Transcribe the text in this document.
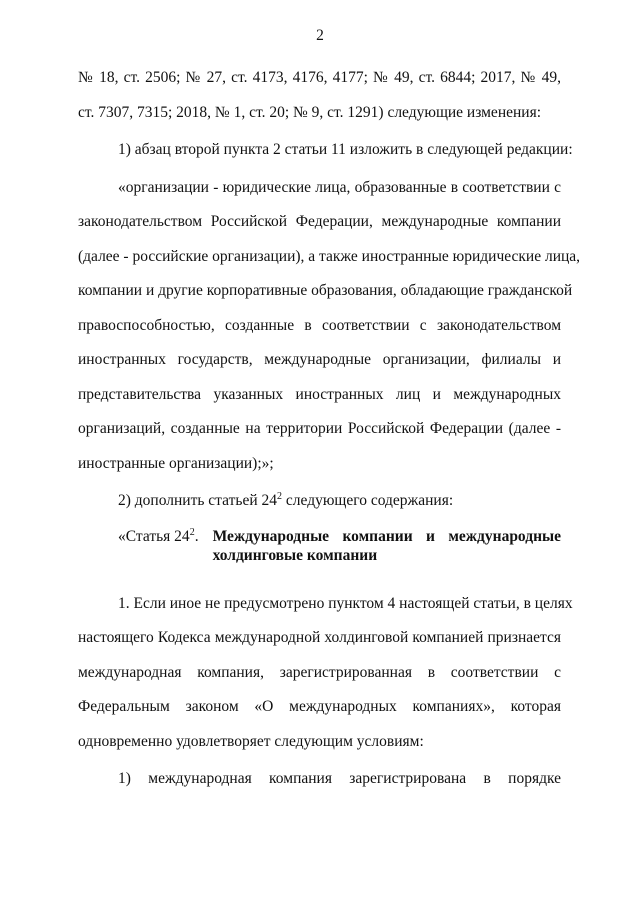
2
№ 18, ст. 2506; № 27, ст. 4173, 4176, 4177; № 49, ст. 6844; 2017, № 49,
ст. 7307, 7315; 2018, № 1, ст. 20; № 9, ст. 1291) следующие изменения:
1) абзац второй пункта 2 статьи 11 изложить в следующей редакции:
«организации - юридические лица, образованные в соответствии с
законодательством Российской Федерации, международные компании
(далее - российские организации), а также иностранные юридические лица,
компании и другие корпоративные образования, обладающие гражданской
правоспособностью, созданные в соответствии с законодательством
иностранных государств, международные организации, филиалы и
представительства указанных иностранных лиц и международных
организаций, созданные на территории Российской Федерации (далее -
иностранные организации);»;
2) дополнить статьей $24^2$ следующего содержания:
«Статья $24^2$. Международные компании и международные
холдинговые компании
1. Если иное не предусмотрено пунктом 4 настоящей статьи, в целях
настоящего Кодекса международной холдинговой компанией признается
международная компания, зарегистрированная в соответствии с
Федеральным законом «О международных компаниях», которая
одновременно удовлетворяет следующим условиям:
1) международная компания зарегистрирована в порядке
